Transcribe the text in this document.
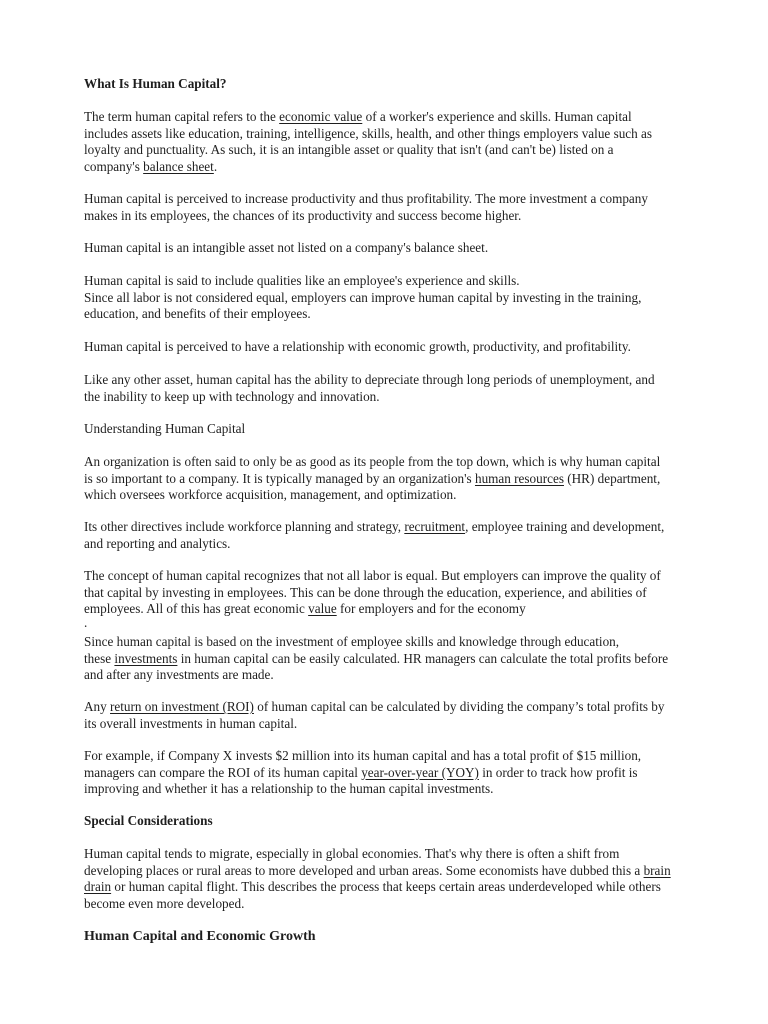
What Is Human Capital?
The term human capital refers to the economic value of a worker's experience and skills. Human capital
includes assets like education, training, intelligence, skills, health, and other things employers value such as
loyalty and punctuality. As such, it is an intangible asset or quality that isn't (and can't be) listed on a
company's balance sheet.
Human capital is perceived to increase productivity and thus profitability. The more investment a company
makes in its employees, the chances of its productivity and success become higher.
Human capital is an intangible asset not listed on a company's balance sheet.
Human capital is said to include qualities like an employee's experience and skills.
Since all labor is not considered equal, employers can improve human capital by investing in the training,
education, and benefits of their employees.
Human capital is perceived to have a relationship with economic growth, productivity, and profitability.
Like any other asset, human capital has the ability to depreciate through long periods of unemployment, and
the inability to keep up with technology and innovation.
Understanding Human Capital
An organization is often said to only be as good as its people from the top down, which is why human capital
is so important to a company. It is typically managed by an organization's human resources (HR) department,
which oversees workforce acquisition, management, and optimization.
Its other directives include workforce planning and strategy, recruitment, employee training and development,
and reporting and analytics.
The concept of human capital recognizes that not all labor is equal. But employers can improve the quality of
that capital by investing in employees. This can be done through the education, experience, and abilities of
employees. All of this has great economic value for employers and for the economy
.
Since human capital is based on the investment of employee skills and knowledge through education,
these investments in human capital can be easily calculated. HR managers can calculate the total profits before
and after any investments are made.
Any return on investment (ROI) of human capital can be calculated by dividing the company’s total profits by
its overall investments in human capital.
For example, if Company X invests $2 million into its human capital and has a total profit of $15 million,
managers can compare the ROI of its human capital year-over-year (YOY) in order to track how profit is
improving and whether it has a relationship to the human capital investments.
Special Considerations
Human capital tends to migrate, especially in global economies. That's why there is often a shift from
developing places or rural areas to more developed and urban areas. Some economists have dubbed this a brain
drain or human capital flight. This describes the process that keeps certain areas underdeveloped while others
become even more developed.
Human Capital and Economic Growth
